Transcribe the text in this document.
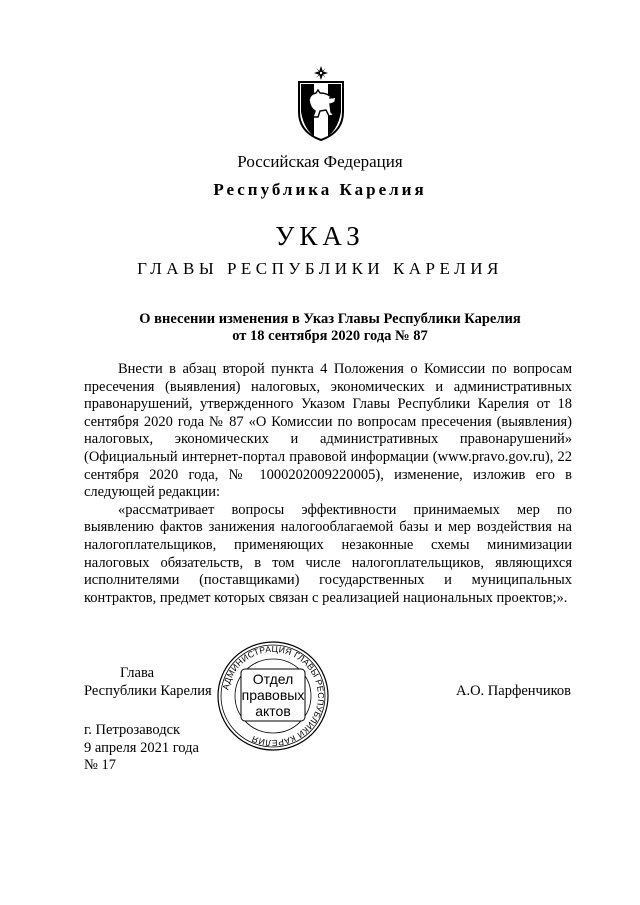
Российская Федерация
Республика Карелия
УКАЗ
ГЛАВЫ РЕСПУБЛИКИ КАРЕЛИЯ
О внесении изменения в Указ Главы Республики Карелия
от 18 сентября 2020 года № 87

Внести в абзац второй пункта 4 Положения о Комиссии по вопросам пресечения (выявления) налоговых, экономических и административных правонарушений, утвержденного Указом Главы Республики Карелия от 18 сентября 2020 года № 87 «О Комиссии по вопросам пресечения (выявления) налоговых, экономических и административных правонарушений» (Официальный интернет-портал правовой информации (www.pravo.gov.ru), 22 сентября 2020 года, № 1000202009220005), изменение, изложив его в следующей редакции:

«рассматривает вопросы эффективности принимаемых мер по выявлению фактов занижения налогооблагаемой базы и мер воздействия на налогоплательщиков, применяющих незаконные схемы минимизации налоговых обязательств, в том числе налогоплательщиков, являющихся исполнителями (поставщиками) государственных и муниципальных контрактов, предмет которых связан с реализацией национальных проектов;».

Глава
Республики Карелия	А.О. Парфенчиков
АДМИНИСТРАЦИЯ ГЛАВЫ РЕСПУБЛИКИ КАРЕЛИЯ
Отдел
правовых
актов
г. Петрозаводск
9 апреля 2021 года
№ 17
